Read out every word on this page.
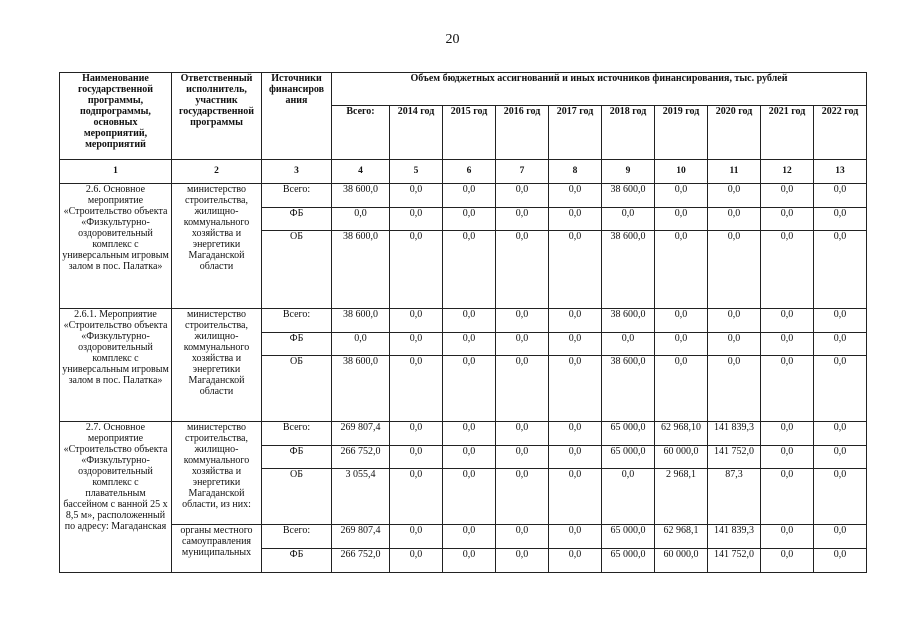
20
Наименование государственной программы, подпрограммы, основных мероприятий, мероприятий	Ответственный исполнитель, участник государственной программы	Источники финансиров ания	Объем бюджетных ассигнований и иных источников финансирования, тыс. рублей									
			Всего:	2014 год	2015 год	2016 год	2017 год	2018 год	2019 год	2020 год	2021 год	2022 год
1	2	3	4	5	6	7	8	9	10	11	12	13
2.6. Основное мероприятие «Строительство объекта «Физкультурно-оздоровительный комплекс с универсальным игровым залом в пос. Палатка»	министерство строительства, жилищно-коммунального хозяйства и энергетики Магаданской области	Всего:	38 600,0	0,0	0,0	0,0	0,0	38 600,0	0,0	0,0	0,0	0,0
		ФБ	0,0	0,0	0,0	0,0	0,0	0,0	0,0	0,0	0,0	0,0
		ОБ	38 600,0	0,0	0,0	0,0	0,0	38 600,0	0,0	0,0	0,0	0,0
2.6.1. Мероприятие «Строительство объекта «Физкультурно-оздоровительный комплекс с универсальным игровым залом в пос. Палатка»	министерство строительства, жилищно-коммунального хозяйства и энергетики Магаданской области	Всего:	38 600,0	0,0	0,0	0,0	0,0	38 600,0	0,0	0,0	0,0	0,0
		ФБ	0,0	0,0	0,0	0,0	0,0	0,0	0,0	0,0	0,0	0,0
		ОБ	38 600,0	0,0	0,0	0,0	0,0	38 600,0	0,0	0,0	0,0	0,0
2.7. Основное мероприятие «Строительство объекта «Физкультурно-оздоровительный комплекс с плавательным бассейном с ванной 25 х 8,5 м», расположенный по адресу: Магаданская	министерство строительства, жилищно-коммунального хозяйства и энергетики Магаданской области, из них:	Всего:	269 807,4	0,0	0,0	0,0	0,0	65 000,0	62 968,10	141 839,3	0,0	0,0
		ФБ	266 752,0	0,0	0,0	0,0	0,0	65 000,0	60 000,0	141 752,0	0,0	0,0
		ОБ	3 055,4	0,0	0,0	0,0	0,0	0,0	2 968,1	87,3	0,0	0,0
	органы местного самоуправления муниципальных	Всего:	269 807,4	0,0	0,0	0,0	0,0	65 000,0	62 968,1	141 839,3	0,0	0,0
		ФБ	266 752,0	0,0	0,0	0,0	0,0	65 000,0	60 000,0	141 752,0	0,0	0,0
